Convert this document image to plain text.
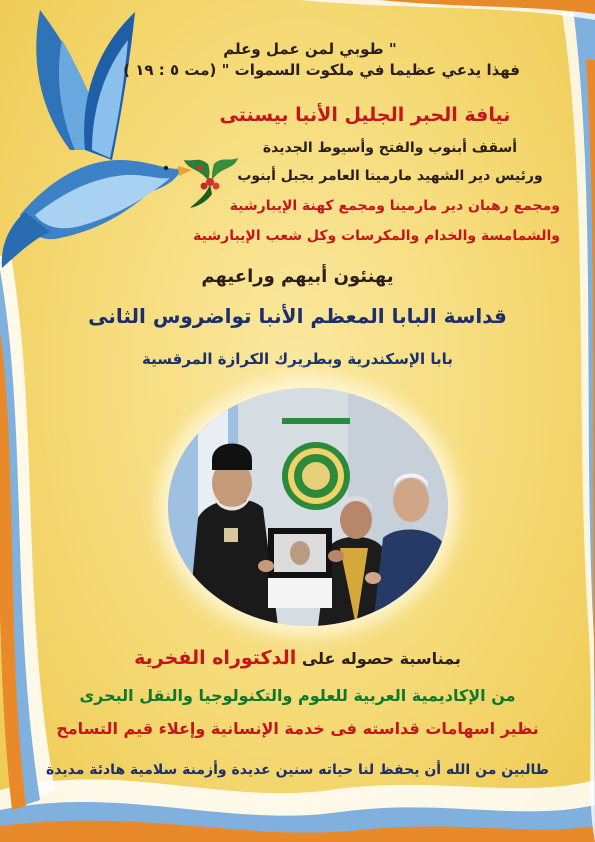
" طوبي لمن عمل وعلم
فهذا يدعي عظيما في ملكوت السموات " (مت ٥ : ١٩ )
نيافة الحبر الجليل الأنبا بيسنتى
أسقف أبنوب والفتح وأسيوط الجديدة
ورئيس دير الشهيد مارمينا العامر بجبل أبنوب
ومجمع رهبان دير مارمينا ومجمع كهنة الإيبارشية
والشمامسة والخدام والمكرسات وكل شعب الإيبارشية
يهنئون أبيهم وراعيهم
قداسة البابا المعظم الأنبا تواضروس الثانى
بابا الإسكندرية وبطريرك الكرازة المرقسية
بمناسبة حصوله على الدكتوراه الفخرية
من الإكاديمية العربية للعلوم والتكنولوجيا والنقل البحرى
نظير اسهامات قداسته فى خدمة الإنسانية وإعلاء قيم التسامح
طالبين من الله أن يحفظ لنا حياته سنين عديدة وأزمنة سلامية هادئة مديدة
